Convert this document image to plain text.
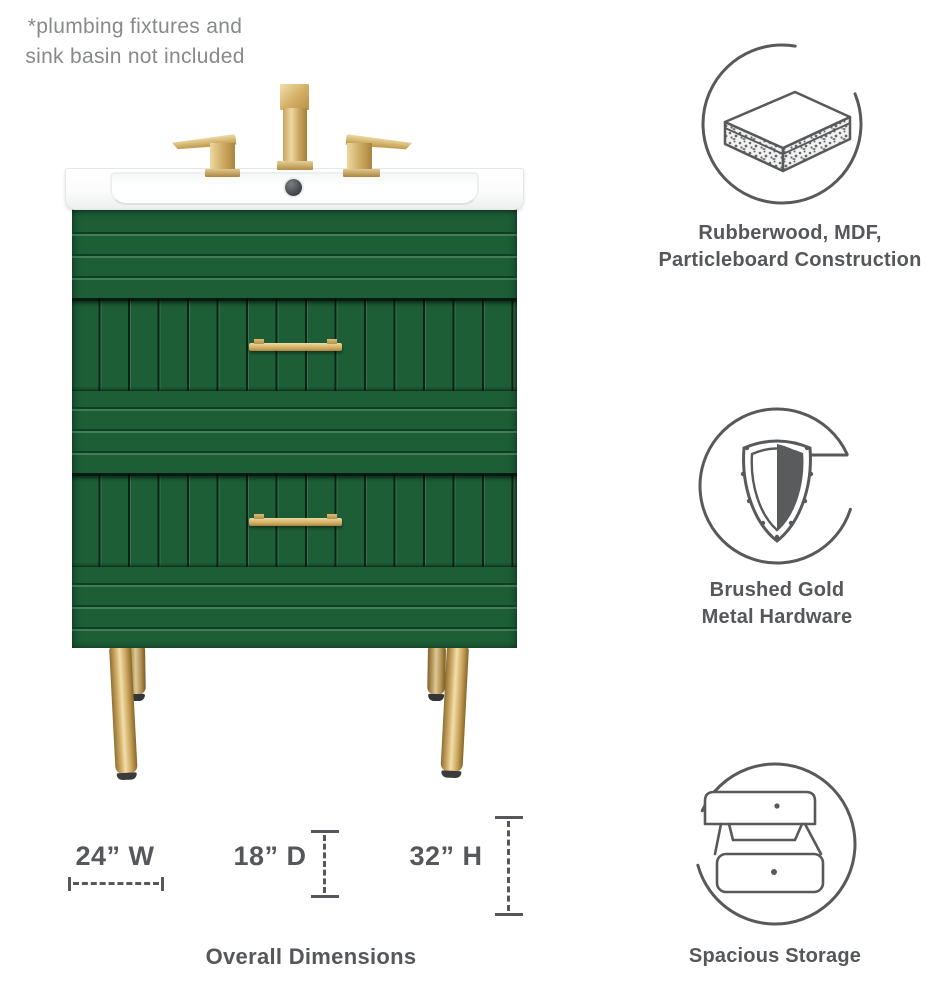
*plumbing fixtures and
sink basin not included
24” W	18” D	32” H
Overall Dimensions
Rubberwood, MDF,
Particleboard Construction
Brushed Gold
Metal Hardware
Spacious Storage
